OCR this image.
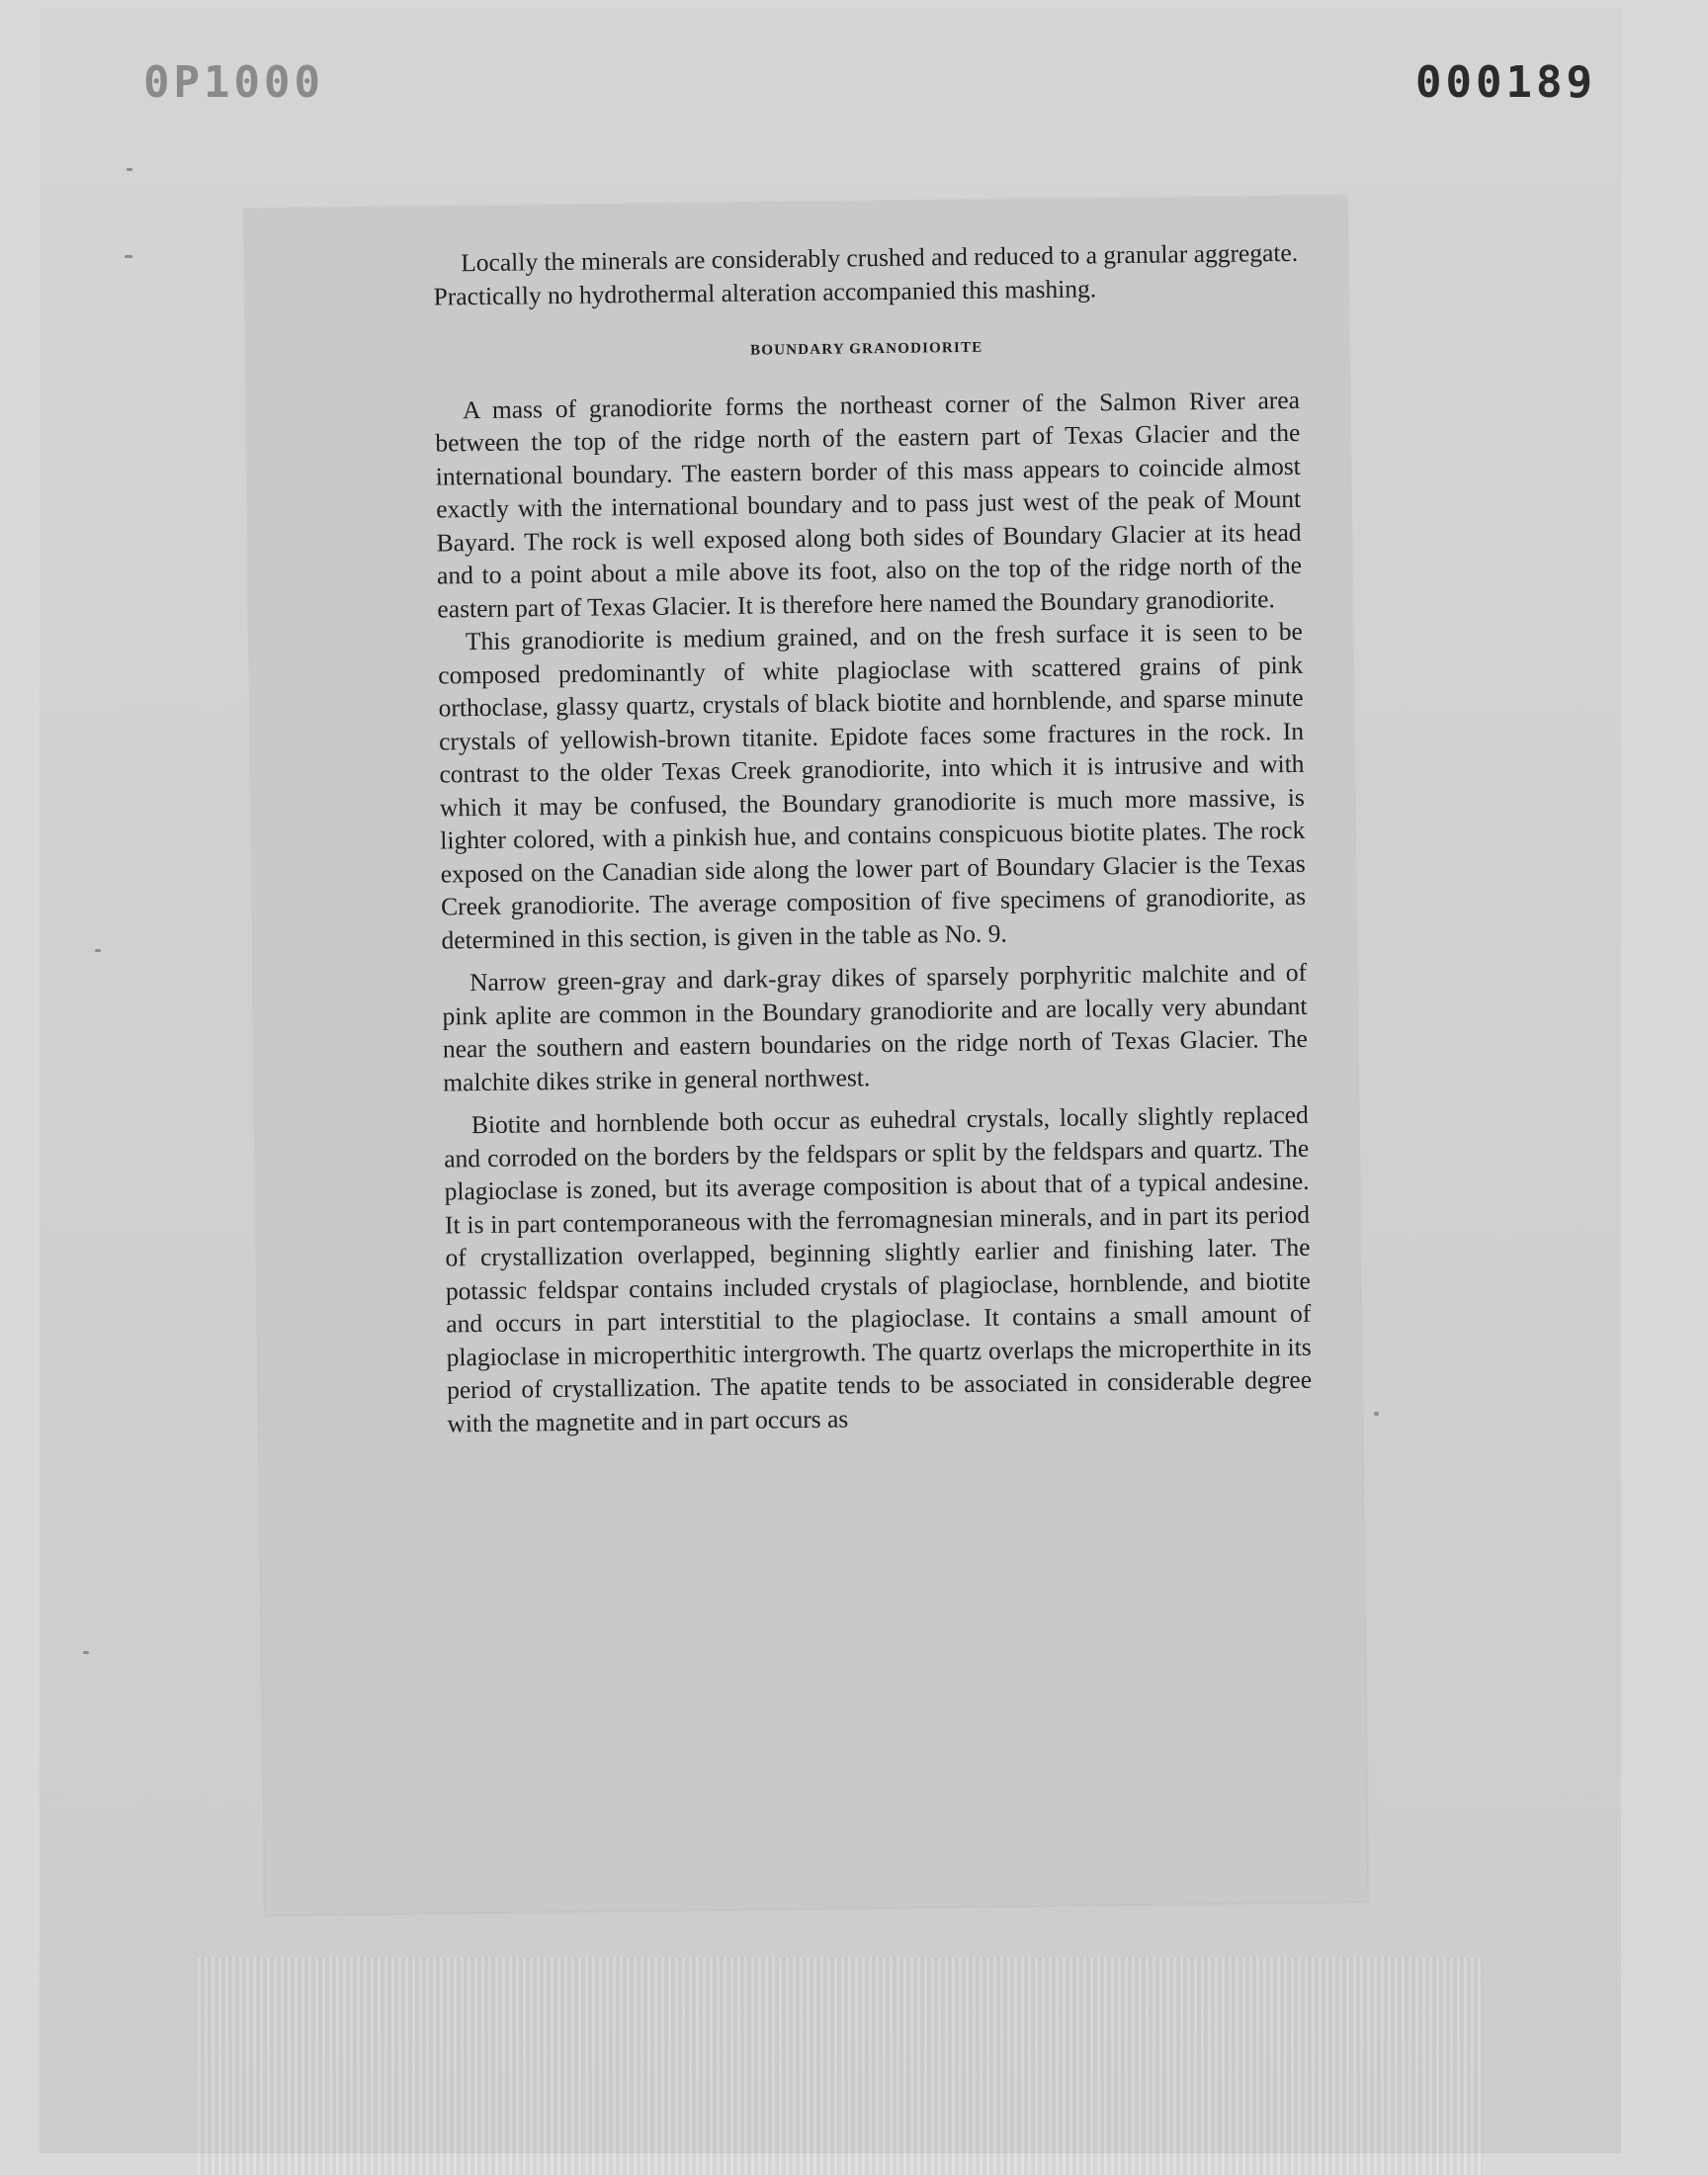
0P1000	000189

Locally the minerals are considerably crushed and reduced to a granular aggregate. Practically no hydrothermal alteration accompanied this mashing.

BOUNDARY GRANODIORITE

A mass of granodiorite forms the northeast corner of the Salmon River area between the top of the ridge north of the eastern part of Texas Glacier and the international boundary. The eastern border of this mass appears to coincide almost exactly with the international boundary and to pass just west of the peak of Mount Bayard. The rock is well exposed along both sides of Boundary Glacier at its head and to a point about a mile above its foot, also on the top of the ridge north of the eastern part of Texas Glacier. It is therefore here named the Boundary granodiorite.

This granodiorite is medium grained, and on the fresh surface it is seen to be composed predominantly of white plagioclase with scattered grains of pink orthoclase, glassy quartz, crystals of black biotite and hornblende, and sparse minute crystals of yellowish-brown titanite. Epidote faces some fractures in the rock. In contrast to the older Texas Creek granodiorite, into which it is intrusive and with which it may be confused, the Boundary granodiorite is much more massive, is lighter colored, with a pinkish hue, and contains conspicuous biotite plates. The rock exposed on the Canadian side along the lower part of Boundary Glacier is the Texas Creek granodiorite. The average composition of five specimens of granodiorite, as determined in this section, is given in the table as No. 9.

Narrow green-gray and dark-gray dikes of sparsely porphyritic malchite and of pink aplite are common in the Boundary granodiorite and are locally very abundant near the southern and eastern boundaries on the ridge north of Texas Glacier. The malchite dikes strike in general northwest.

Biotite and hornblende both occur as euhedral crystals, locally slightly replaced and corroded on the borders by the feldspars or split by the feldspars and quartz. The plagioclase is zoned, but its average composition is about that of a typical andesine. It is in part contemporaneous with the ferromagnesian minerals, and in part its period of crystallization overlapped, beginning slightly earlier and finishing later. The potassic feldspar contains included crystals of plagioclase, hornblende, and biotite and occurs in part interstitial to the plagioclase. It contains a small amount of plagioclase in microperthitic intergrowth. The quartz overlaps the microperthite in its period of crystallization. The apatite tends to be associated in considerable degree with the magnetite and in part occurs as
